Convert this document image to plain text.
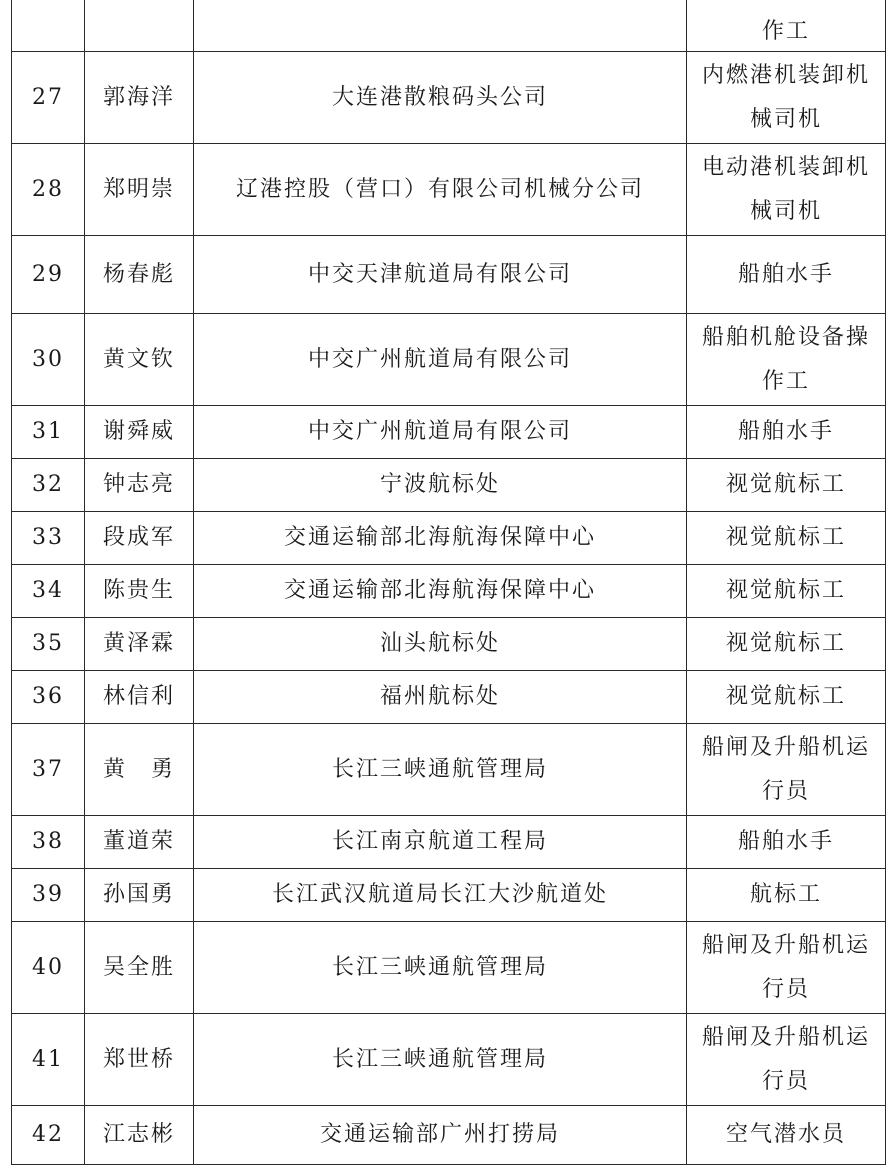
			作工

27	郭海洋	大连港散粮码头公司	内燃港机装卸机械司机

28	郑明崇	辽港控股（营口）有限公司机械分公司	电动港机装卸机械司机

29	杨春彪	中交天津航道局有限公司	船舶水手

30	黄文钦	中交广州航道局有限公司	船舶机舱设备操作工

31	谢舜威	中交广州航道局有限公司	船舶水手

32	钟志亮	宁波航标处	视觉航标工

33	段成军	交通运输部北海航海保障中心	视觉航标工

34	陈贵生	交通运输部北海航海保障中心	视觉航标工

35	黄泽霖	汕头航标处	视觉航标工

36	林信利	福州航标处	视觉航标工

37	黄　勇	长江三峡通航管理局	船闸及升船机运行员

38	董道荣	长江南京航道工程局	船舶水手

39	孙国勇	长江武汉航道局长江大沙航道处	航标工

40	吴全胜	长江三峡通航管理局	船闸及升船机运行员

41	郑世桥	长江三峡通航管理局	船闸及升船机运行员

42	江志彬	交通运输部广州打捞局	空气潜水员
